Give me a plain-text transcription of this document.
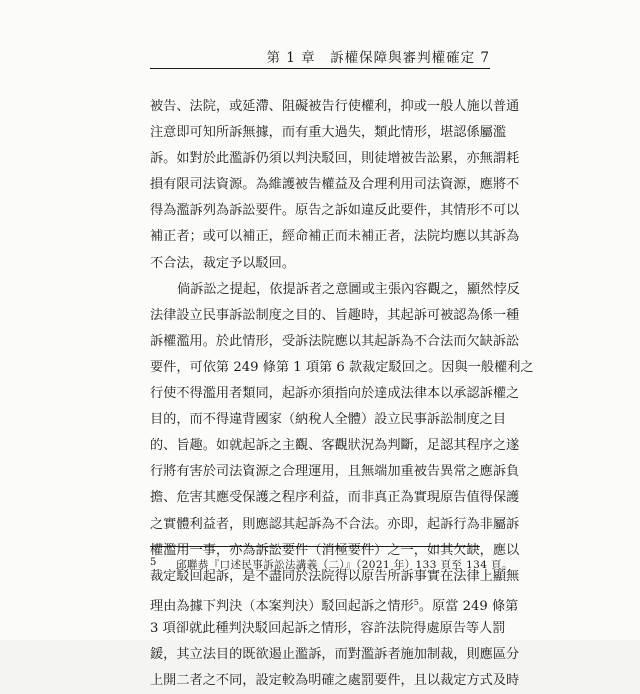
第 1 章　訴權保障與審判權確定 7
被告、法院，或延滯、阻礙被告行使權利，抑或一般人施以普通
注意即可知所訴無據，而有重大過失，類此情形，堪認係屬濫
訴。如對於此濫訴仍須以判決駁回，則徒增被告訟累，亦無謂耗
損有限司法資源。為維護被告權益及合理利用司法資源，應將不
得為濫訴列為訴訟要件。原告之訴如違反此要件，其情形不可以
補正者；或可以補正，經命補正而未補正者，法院均應以其訴為
不合法，裁定予以駁回。
倘訴訟之提起，依提訴者之意圖或主張內容觀之，顯然悖反
法律設立民事訴訟制度之目的、旨趣時，其起訴可被認為係一種
訴權濫用。於此情形，受訴法院應以其起訴為不合法而欠缺訴訟
要件，可依第 249 條第 1 項第 6 款裁定駁回之。因與一般權利之
行使不得濫用者類同，起訴亦須指向於達成法律本以承認訴權之
目的，而不得違背國家（納稅人全體）設立民事訴訟制度之目
的、旨趣。如就起訴之主觀、客觀狀況為判斷，足認其程序之遂
行將有害於司法資源之合理運用，且無端加重被告異常之應訴負
擔、危害其應受保護之程序利益，而非真正為實現原告值得保護
之實體利益者，則應認其起訴為不合法。亦即，起訴行為非屬訴
權濫用一事，亦為訴訟要件（消極要件）之一，如其欠缺，應以
裁定駁回起訴，是不盡同於法院得以原告所訴事實在法律上顯無
理由為據下判決（本案判決）駁回起訴之情形$^5$。原當 249 條第
3 項卻就此種判決駁回起訴之情形，容許法院得處原告等人罰
鍰，其立法目的既欲遏止濫訴，而對濫訴者施加制裁，則應區分
上開二者之不同，設定較為明確之處罰要件，且以裁定方式及時
5 邱聯恭『口述民事訴訟法講義（二）』（2021 年）133 頁至 134 頁。
